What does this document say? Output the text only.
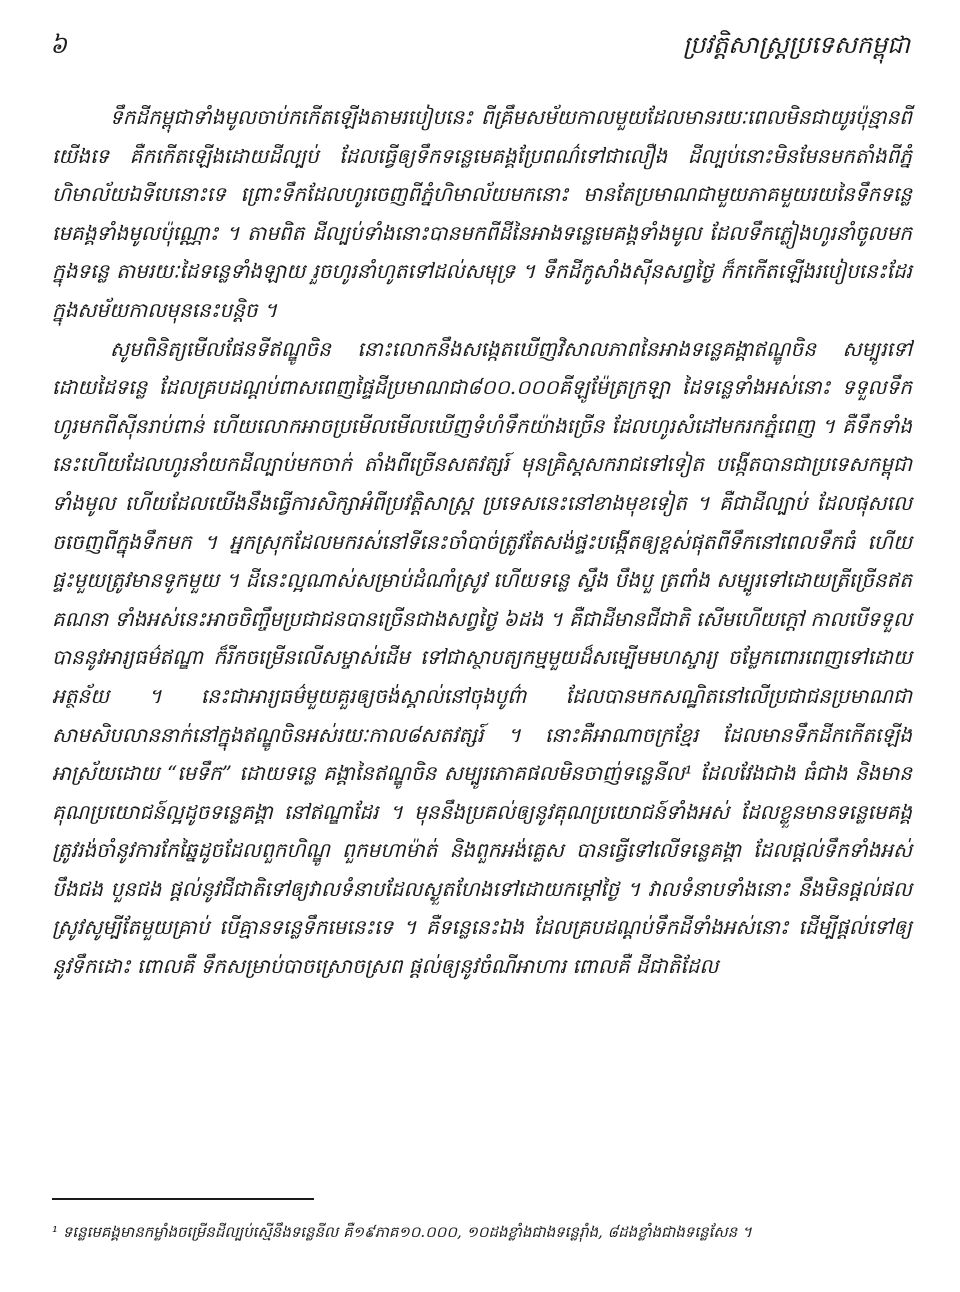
៦	ប្រវត្តិសាស្ត្រប្រទេសកម្ពុជា

ទឹកដីកម្ពុជាទាំងមូលចាប់កកើតឡើងតាមរបៀបនេះ ពីគ្រឹមសម័យកាលមួយដែលមានរយៈពេលមិនជាយូរប៉ុន្មានពីយើងទេ គឺកកើតឡើងដោយដីល្បប់ ដែលធ្វើឲ្យទឹកទន្លេមេគង្គប្រែពណ៌ទៅជាលឿង ដីល្បប់នោះមិនមែនមកតាំងពីភ្នំហិមាល័យឯទីបេនោះទេ ព្រោះទឹកដែលហូរចេញពីភ្នំហិមាល័យមកនោះ មានតែប្រមាណជាមួយភាគមួយរយនៃទឹកទន្លេមេគង្គទាំងមូលប៉ុណ្ណោះ ។ តាមពិត ដីល្បប់ទាំងនោះបានមកពីដីនៃអាងទន្លេមេគង្គទាំងមូល ដែលទឹកភ្លៀងហូរនាំចូលមកក្នុងទន្លេ តាមរយៈដៃទន្លេទាំងឡាយ រួចហូរនាំហូតទៅដល់សមុទ្រ ។ ទឹកដីកូសាំងស៊ីនសព្វថ្ងៃ ក៏កកើតឡើងរបៀបនេះដែរ ក្នុងសម័យកាលមុននេះបន្តិច ។

សូមពិនិត្យមើលផែនទីឥណ្ឌូចិន នោះលោកនឹងសង្កេតឃើញវិសាលភាពនៃអាងទន្លេគង្គាឥណ្ឌូចិន សម្បូរទៅដោយដៃទន្លេ ដែលគ្របដណ្តប់ពាសពេញផ្ទៃដីប្រមាណជា៨០០.០០០គីឡូម៉ែត្រក្រឡា ដៃទន្លេទាំងអស់នោះ ទទួលទឹកហូរមកពីស៊ីនរាប់ពាន់ ហើយលោកអាចប្រមើលមើលឃើញទំហំទឹកយ៉ាងច្រើន ដែលហូរសំដៅមករកភ្នំពេញ ។ គឺទឹកទាំងនេះហើយដែលហូរនាំយកដីល្បាប់មកចាក់ តាំងពីច្រើនសតវត្សរ៍ មុនគ្រិស្តសករាជទៅទៀត បង្កើតបានជាប្រទេសកម្ពុជាទាំងមូល ហើយដែលយើងនឹងធ្វើការសិក្សាអំពីប្រវត្តិសាស្ត្រ ប្រទេសនេះនៅខាងមុខទៀត ។ គឺជាដីល្បាប់ ដែលផុសលេចចេញពីក្នុងទឹកមក ។ អ្នកស្រុកដែលមករស់នៅទីនេះចាំបាច់ត្រូវតែសង់ផ្ទះបង្កើតឲ្យខ្ពស់ផុតពីទឹកនៅពេលទឹកធំ ហើយផ្ទះមួយត្រូវមានទូកមួយ ។ ដីនេះល្អណាស់សម្រាប់ដំណាំស្រូវ ហើយទន្លេ ស្ទឹង បឹងបួ ត្រពាំង សម្បូរទៅដោយត្រីច្រើនឥតគណនា ទាំងអស់នេះអាចចិញ្ចឹមប្រជាជនបានច្រើនជាងសព្វថ្ងៃ ៦ដង ។ គឺជាដីមានជីជាតិ សើមហើយក្តៅ កាលបើទទួលបាននូវអារ្យធម៌ឥណ្ឌា ក៏រីកចម្រើនលើសម្ចាស់ដើម ទៅជាស្ថាបត្យកម្មមួយដ៏សម្បើមមហស្ចារ្យ ចម្លែកពោរពេញទៅដោយអត្ថន័យ ។ នេះជាអារ្យធម៌មួយគួរឲ្យចង់ស្គាល់នៅចុងបូព៌ា ដែលបានមកសណ្ឋិតនៅលើប្រជាជនប្រមាណជាសាមសិបលាននាក់នៅក្នុងឥណ្ឌូចិនអស់រយៈកាល៨សតវត្សរ៍ ។ នោះគឺអាណាចក្រខ្មែរ ដែលមានទឹកដីកកើតឡើងអាស្រ័យដោយ “មេទឹក” ដោយទន្លេ គង្គានៃឥណ្ឌូចិន សម្បូរភោគផលមិនចាញ់ទន្លេនីល¹ ដែលវែងជាង ធំជាង និងមានគុណប្រយោជន៍ល្អដូចទន្លេគង្គា នៅឥណ្ឌាដែរ ។ មុននឹងប្រគល់ឲ្យនូវគុណប្រយោជន៍ទាំងអស់ ដែលខ្លួនមានទន្លេមេគង្គត្រូវរង់ចាំនូវការកែឆ្នៃដូចដែលពួកហិណ្ឌូ ពួកមហាម៉ាត់ និងពួកអង់គ្លេស បានធ្វើទៅលើទន្លេគង្គា ដែលផ្តល់ទឹកទាំងអស់ បឹងជង បួនជង ផ្តល់នូវជីជាតិទៅឲ្យវាលទំនាបដែលស្ងួតហែងទៅដោយកម្តៅថ្ងៃ ។ វាលទំនាបទាំងនោះ នឹងមិនផ្តល់ផលស្រូវសូម្បីតែមួយគ្រាប់ បើគ្មានទន្លេទឹកមេនេះទេ ។ គឺទន្លេនេះឯង ដែលគ្របដណ្តប់ទឹកដីទាំងអស់នោះ ដើម្បីផ្តល់ទៅឲ្យនូវទឹកដោះ ពោលគឺ ទឹកសម្រាប់បាចស្រោចស្រព ផ្តល់ឲ្យនូវចំណីអាហារ ពោលគឺ ដីជាតិដែល

¹ ទន្លេមេគង្គមានកម្លាំងចម្រើនដីល្បប់ស្មើនឹងទន្លេនីល គឺ១៩ភាគ១០.០០០, ១០ដងខ្លាំងជាងទន្លេរ៉ាំង, ៨ដងខ្លាំងជាងទន្លេសែន ។
